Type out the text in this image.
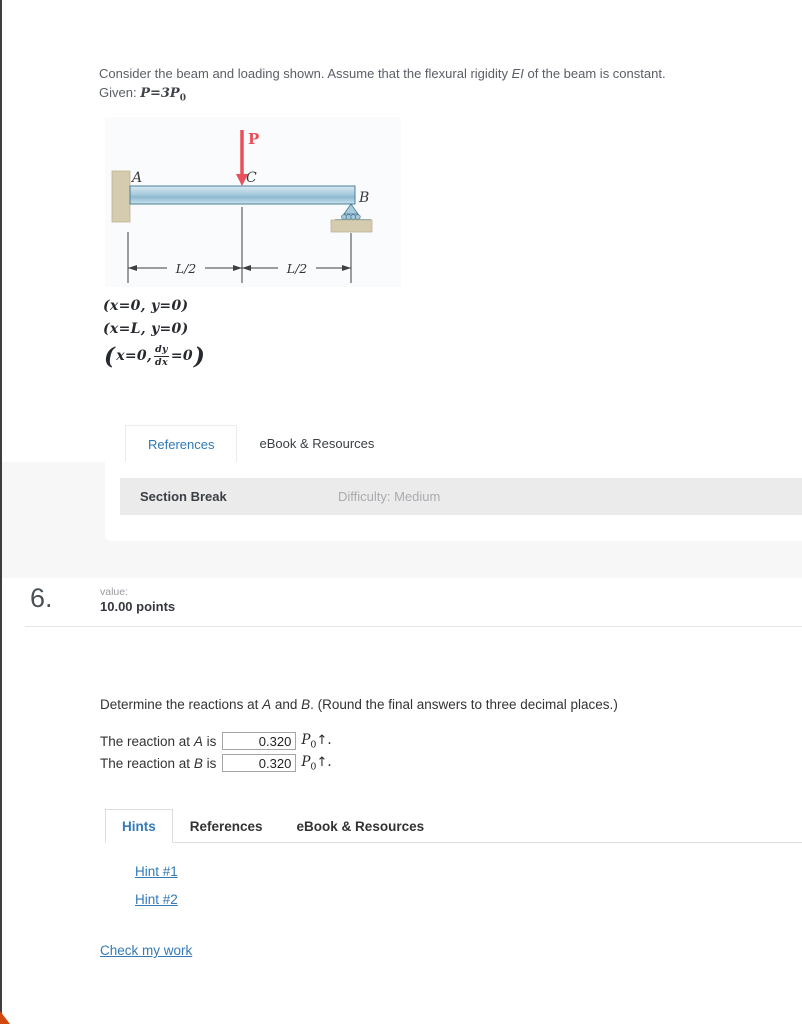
Consider the beam and loading shown. Assume that the flexural rigidity EI of the beam is constant.
Given: $P=3P_0$
P
A	C
B
L/2	L/2
(x=0, y=0)
(x=L, y=0)
( x=0, $\frac{dy}{dx} =0$ )
References	eBook & Resources
Section Break	Difficulty: Medium
6.	value:
10.00 points
Determine the reactions at A and B. (Round the final answers to three decimal places.)
The reaction at A is
0.320	$P_0↑$.
The reaction at B is
0.320	$P_0↑$.
Hints	References	eBook & Resources
Hint #1
Hint #2
Check my work
